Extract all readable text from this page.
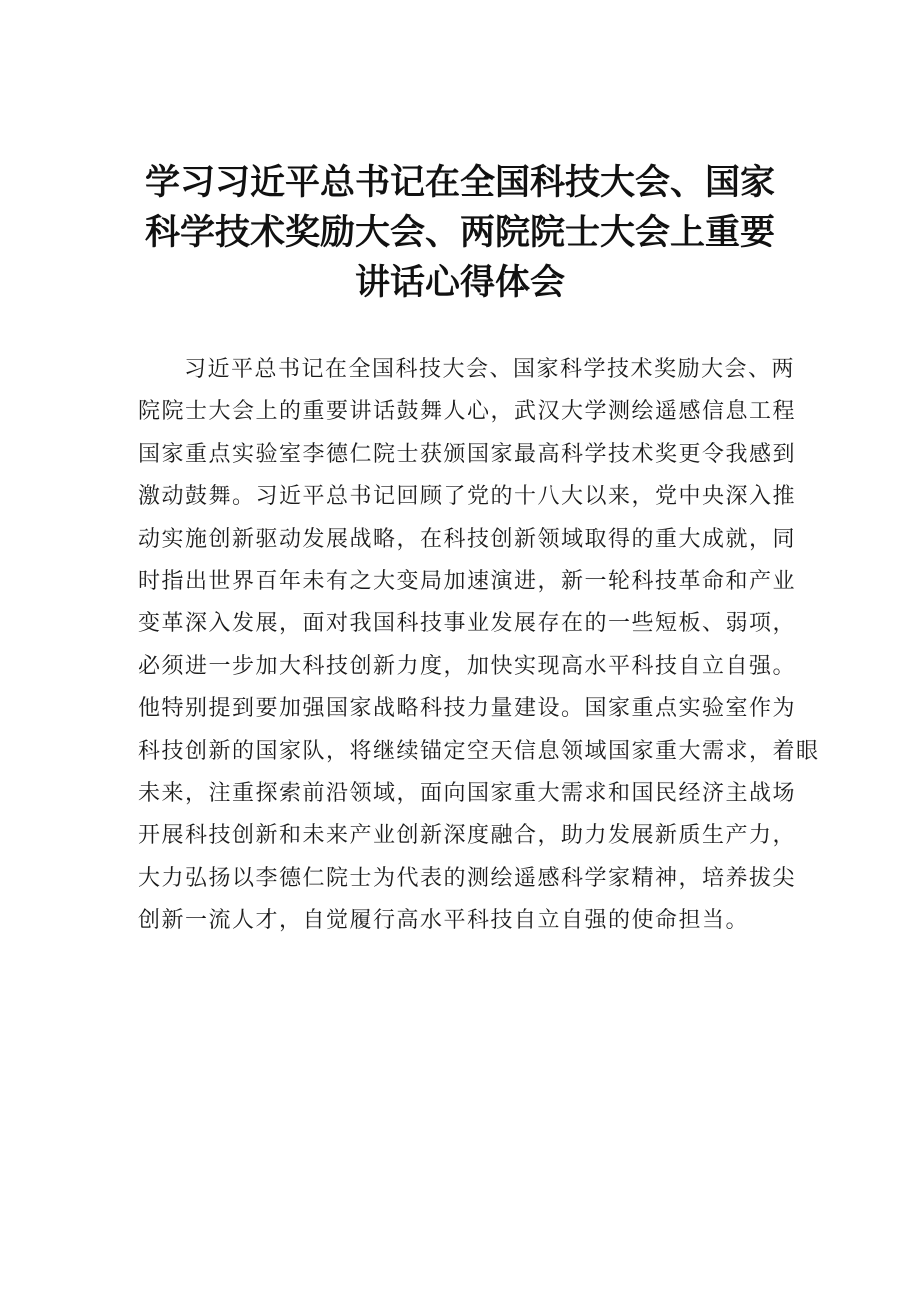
学习习近平总书记在全国科技大会、国家
科学技术奖励大会、两院院士大会上重要
讲话心得体会
习近平总书记在全国科技大会、国家科学技术奖励大会、两
院院士大会上的重要讲话鼓舞人心，武汉大学测绘遥感信息工程
国家重点实验室李德仁院士获颁国家最高科学技术奖更令我感到
激动鼓舞。习近平总书记回顾了党的十八大以来，党中央深入推
动实施创新驱动发展战略，在科技创新领域取得的重大成就，同
时指出世界百年未有之大变局加速演进，新一轮科技革命和产业
变革深入发展，面对我国科技事业发展存在的一些短板、弱项，
必须进一步加大科技创新力度，加快实现高水平科技自立自强。
他特别提到要加强国家战略科技力量建设。国家重点实验室作为
科技创新的国家队，将继续锚定空天信息领域国家重大需求，着眼
未来，注重探索前沿领域，面向国家重大需求和国民经济主战场
开展科技创新和未来产业创新深度融合，助力发展新质生产力，
大力弘扬以李德仁院士为代表的测绘遥感科学家精神，培养拔尖
创新一流人才，自觉履行高水平科技自立自强的使命担当。
